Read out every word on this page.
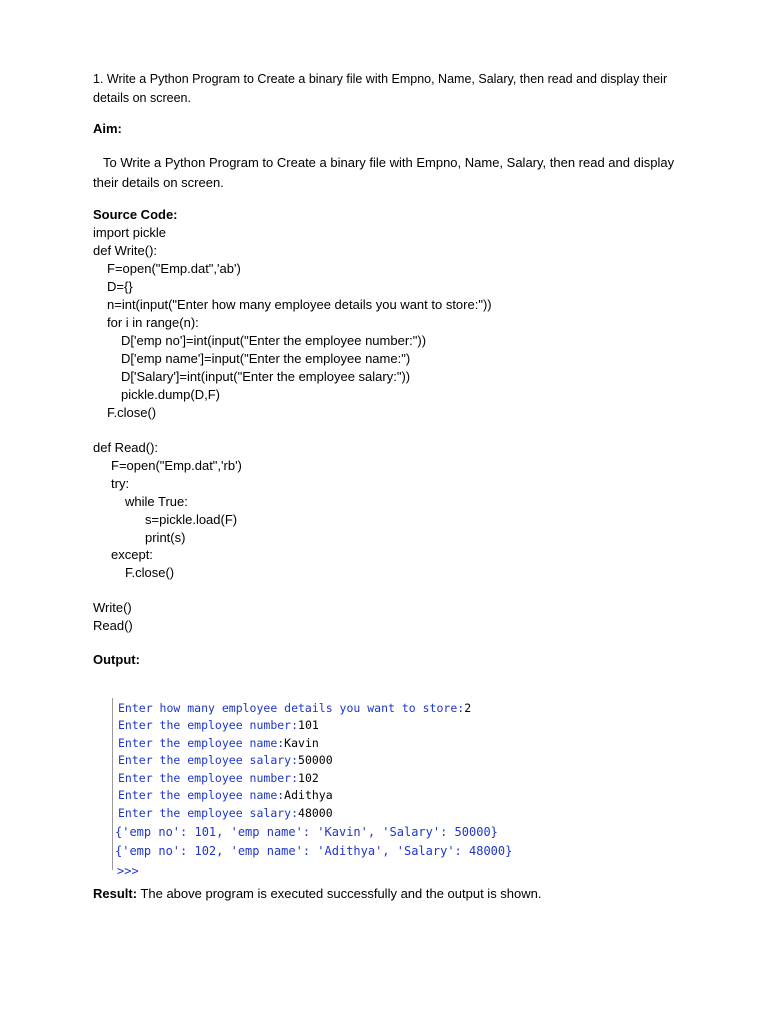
1. Write a Python Program to Create a binary file with Empno, Name, Salary, then read and display their details on screen.
Aim:
To Write a Python Program to Create a binary file with Empno, Name, Salary, then read and display their details on screen.
Source Code:
import pickle
def Write():
F=open("Emp.dat",'ab')
D={}
n=int(input("Enter how many employee details you want to store:"))
for i in range(n):
D['emp no']=int(input("Enter the employee number:"))
D['emp name']=input("Enter the employee name:")
D['Salary']=int(input("Enter the employee salary:"))
pickle.dump(D,F)
F.close()
def Read():
F=open("Emp.dat",'rb')
try:
while True:
s=pickle.load(F)
print(s)
except:
F.close()
Write()
Read()
Output:
Enter how many employee details you want to store:2
Enter the employee number:101
Enter the employee name:Kavin
Enter the employee salary:50000
Enter the employee number:102
Enter the employee name:Adithya
Enter the employee salary:48000
{'emp no': 101, 'emp name': 'Kavin', 'Salary': 50000}
{'emp no': 102, 'emp name': 'Adithya', 'Salary': 48000}
>>>
Result: The above program is executed successfully and the output is shown.
